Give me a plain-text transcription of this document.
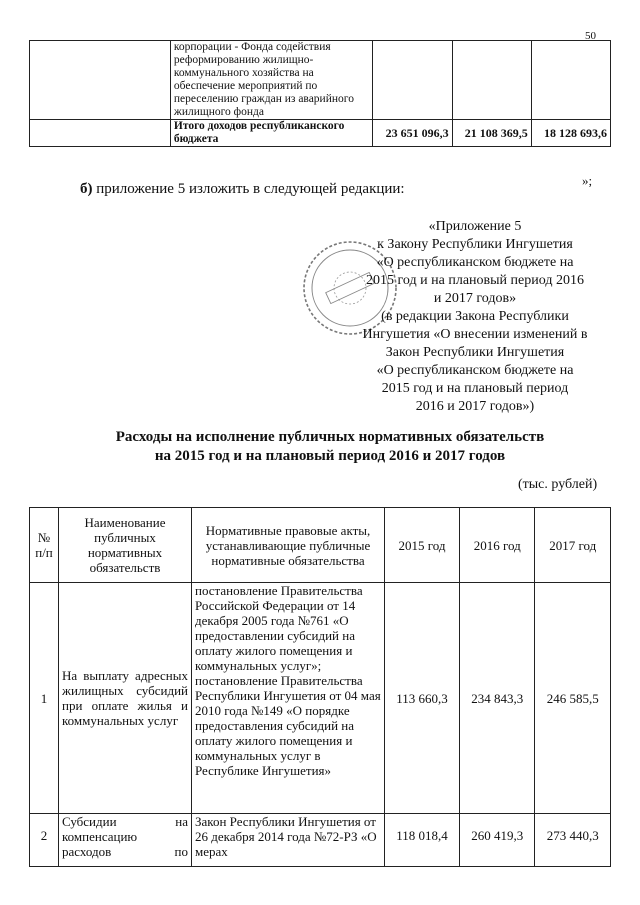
50
	корпорации - Фонда содействия реформированию жилищно-коммунального хозяйства на обеспечение мероприятий по переселению граждан из аварийного жилищного фонда			
	Итого доходов республиканского бюджета	23 651 096,3	21 108 369,5	18 128 693,6
»;
б) приложение 5 изложить в следующей редакции:
«Приложение 5
к Закону Республики Ингушетия
«О республиканском бюджете на
2015 год и на плановый период 2016
и 2017 годов»
(в редакции Закона Республики
Ингушетия «О внесении изменений в
Закон Республики Ингушетия
«О республиканском бюджете на
2015 год и на плановый период
2016 и 2017 годов»)
Расходы на исполнение публичных нормативных обязательств
на 2015 год и на плановый период 2016 и 2017 годов
(тыс. рублей)
№ п/п	Наименование публичных нормативных обязательств	Нормативные правовые акты, устанавливающие публичные нормативные обязательства	2015 год	2016 год	2017 год
1	На выплату адресных жилищных субсидий при оплате жилья и коммунальных услуг	постановление Правительства Российской Федерации от 14 декабря 2005 года №761 «О предоставлении субсидий на оплату жилого помещения и коммунальных услуг»; постановление Правительства Республики Ингушетия от 04 мая 2010 года №149 «О порядке предоставления субсидий на оплату жилого помещения и коммунальных услуг в Республике Ингушетия»	113 660,3	234 843,3	246 585,5
2	Субсидии на компенсацию расходов по	Закон Республики Ингушетия от 26 декабря 2014 года №72-РЗ «О мерах	118 018,4	260 419,3	273 440,3
